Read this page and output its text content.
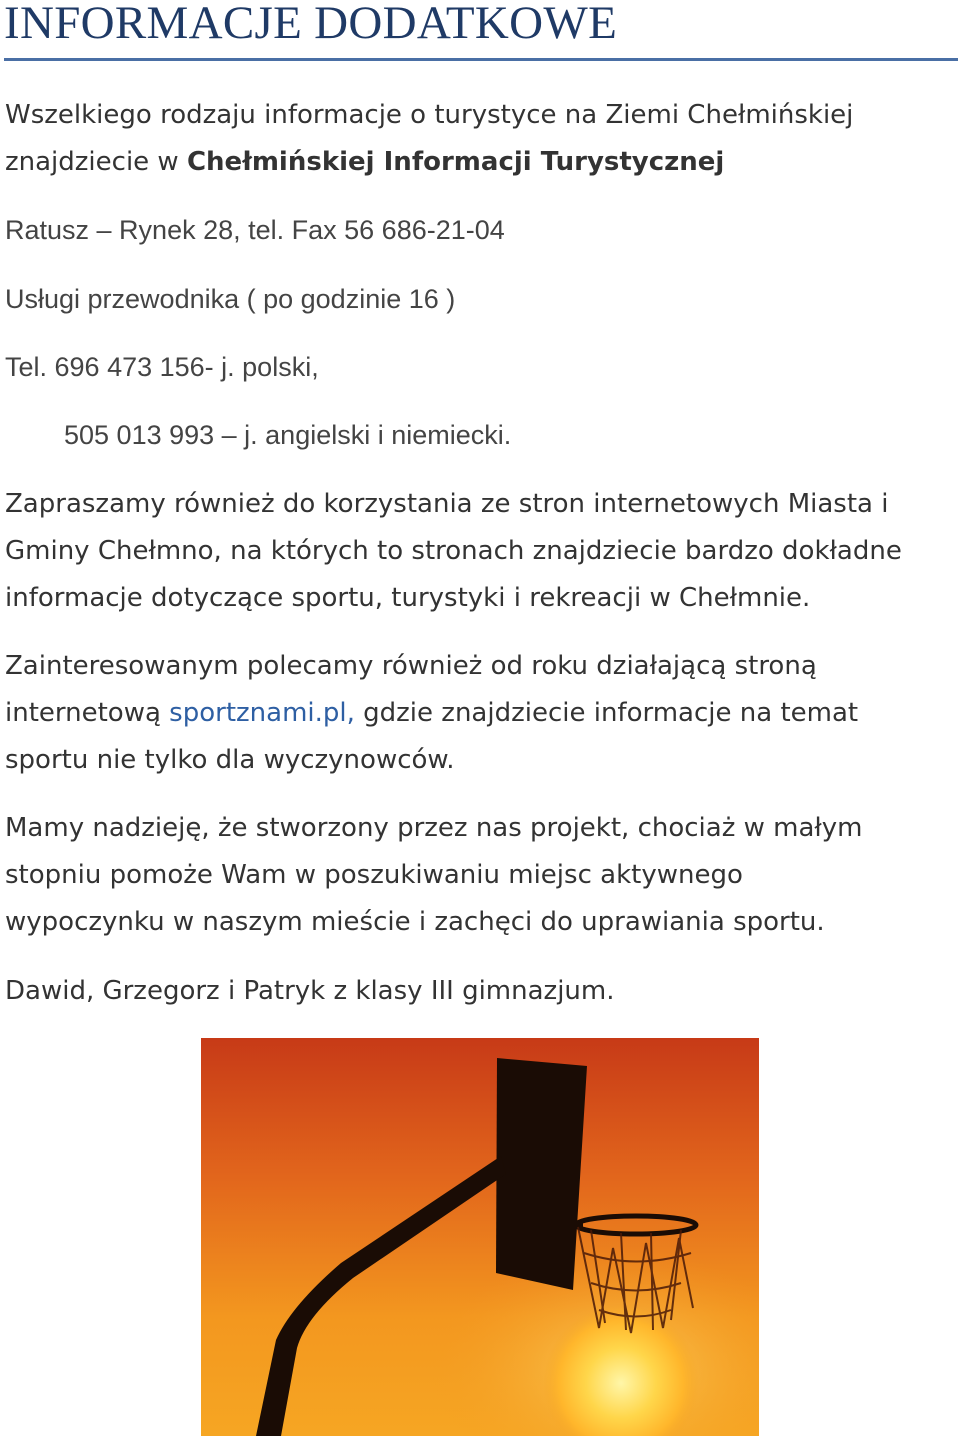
INFORMACJE DODATKOWE

Wszelkiego rodzaju informacje o turystyce na Ziemi Chełmińskiej

znajdziecie w Chełmińskiej Informacji Turystycznej

Ratusz – Rynek 28, tel. Fax 56 686-21-04

Usługi przewodnika ( po godzinie 16 )

Tel. 696 473 156- j. polski,

505 013 993 – j. angielski i niemiecki.

Zapraszamy również do korzystania ze stron internetowych Miasta i

Gminy Chełmno, na których to stronach znajdziecie bardzo dokładne

informacje dotyczące sportu, turystyki i rekreacji w Chełmnie.

Zainteresowanym polecamy również od roku działającą stroną

internetową sportznami.pl, gdzie znajdziecie informacje na temat

sportu nie tylko dla wyczynowców.

Mamy nadzieję, że stworzony przez nas projekt, chociaż w małym

stopniu pomoże Wam w poszukiwaniu miejsc aktywnego

wypoczynku w naszym mieście i zachęci do uprawiania sportu.

Dawid, Grzegorz i Patryk z klasy III gimnazjum.
